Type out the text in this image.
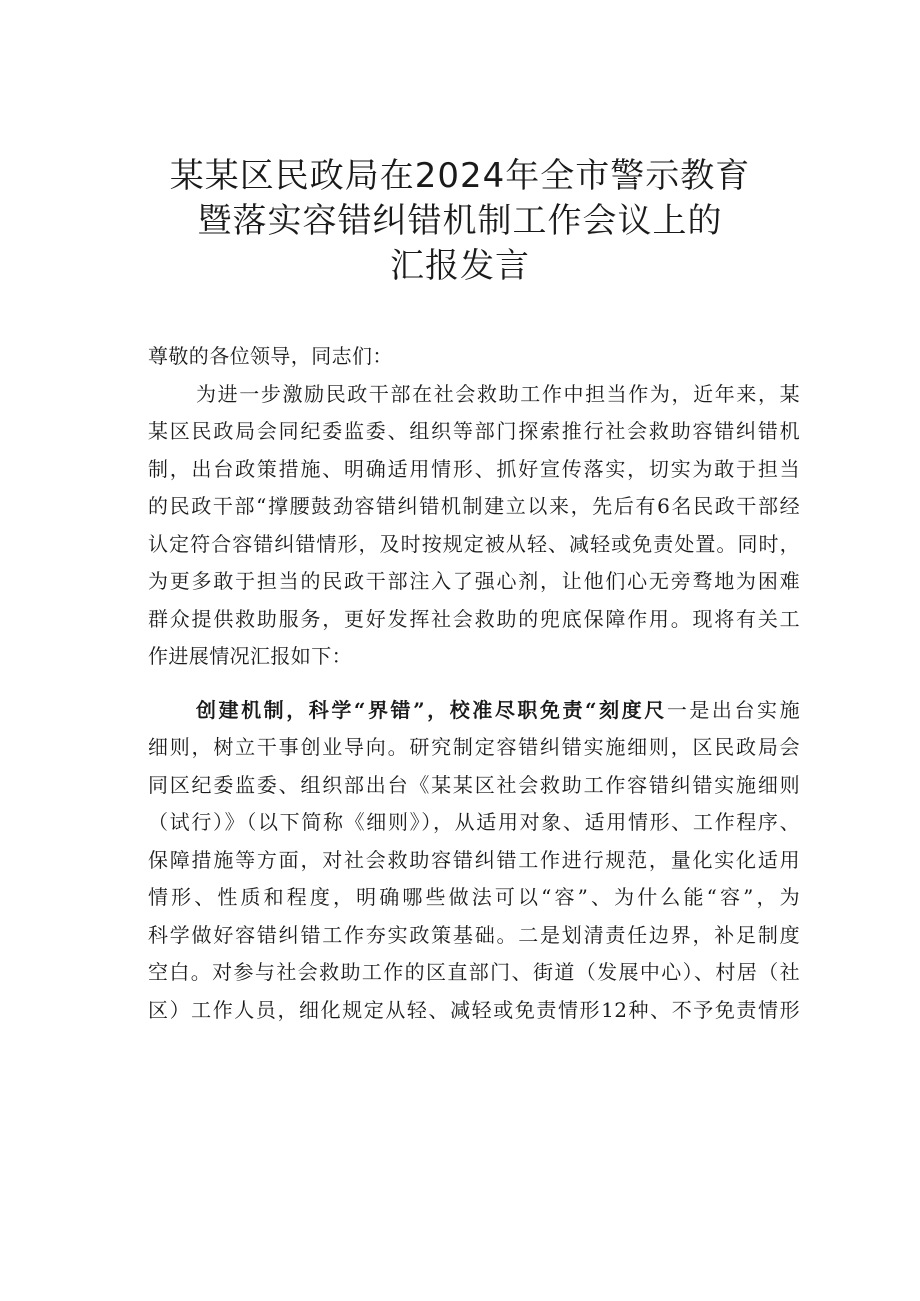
某某区民政局在2024年全市警示教育
暨落实容错纠错机制工作会议上的
汇报发言

尊敬的各位领导，同志们：

为进一步激励民政干部在社会救助工作中担当作为，近年来，某
某区民政局会同纪委监委、组织等部门探索推行社会救助容错纠错机
制，出台政策措施、明确适用情形、抓好宣传落实，切实为敢于担当
的民政干部“撑腰鼓劲容错纠错机制建立以来，先后有6名民政干部经
认定符合容错纠错情形，及时按规定被从轻、减轻或免责处置。同时，
为更多敢于担当的民政干部注入了强心剂，让他们心无旁骛地为困难
群众提供救助服务，更好发挥社会救助的兜底保障作用。现将有关工
作进展情况汇报如下：

创建机制，科学“界错”，校准尽职免责“刻度尺一是出台实施
细则，树立干事创业导向。研究制定容错纠错实施细则，区民政局会
同区纪委监委、组织部出台《某某区社会救助工作容错纠错实施细则
（试行）》（以下简称《细则》），从适用对象、适用情形、工作程序、
保障措施等方面，对社会救助容错纠错工作进行规范，量化实化适用
情形、性质和程度，明确哪些做法可以“容”、为什么能“容”，为
科学做好容错纠错工作夯实政策基础。二是划清责任边界，补足制度
空白。对参与社会救助工作的区直部门、街道（发展中心）、村居（社
区）工作人员，细化规定从轻、减轻或免责情形12种、不予免责情形
